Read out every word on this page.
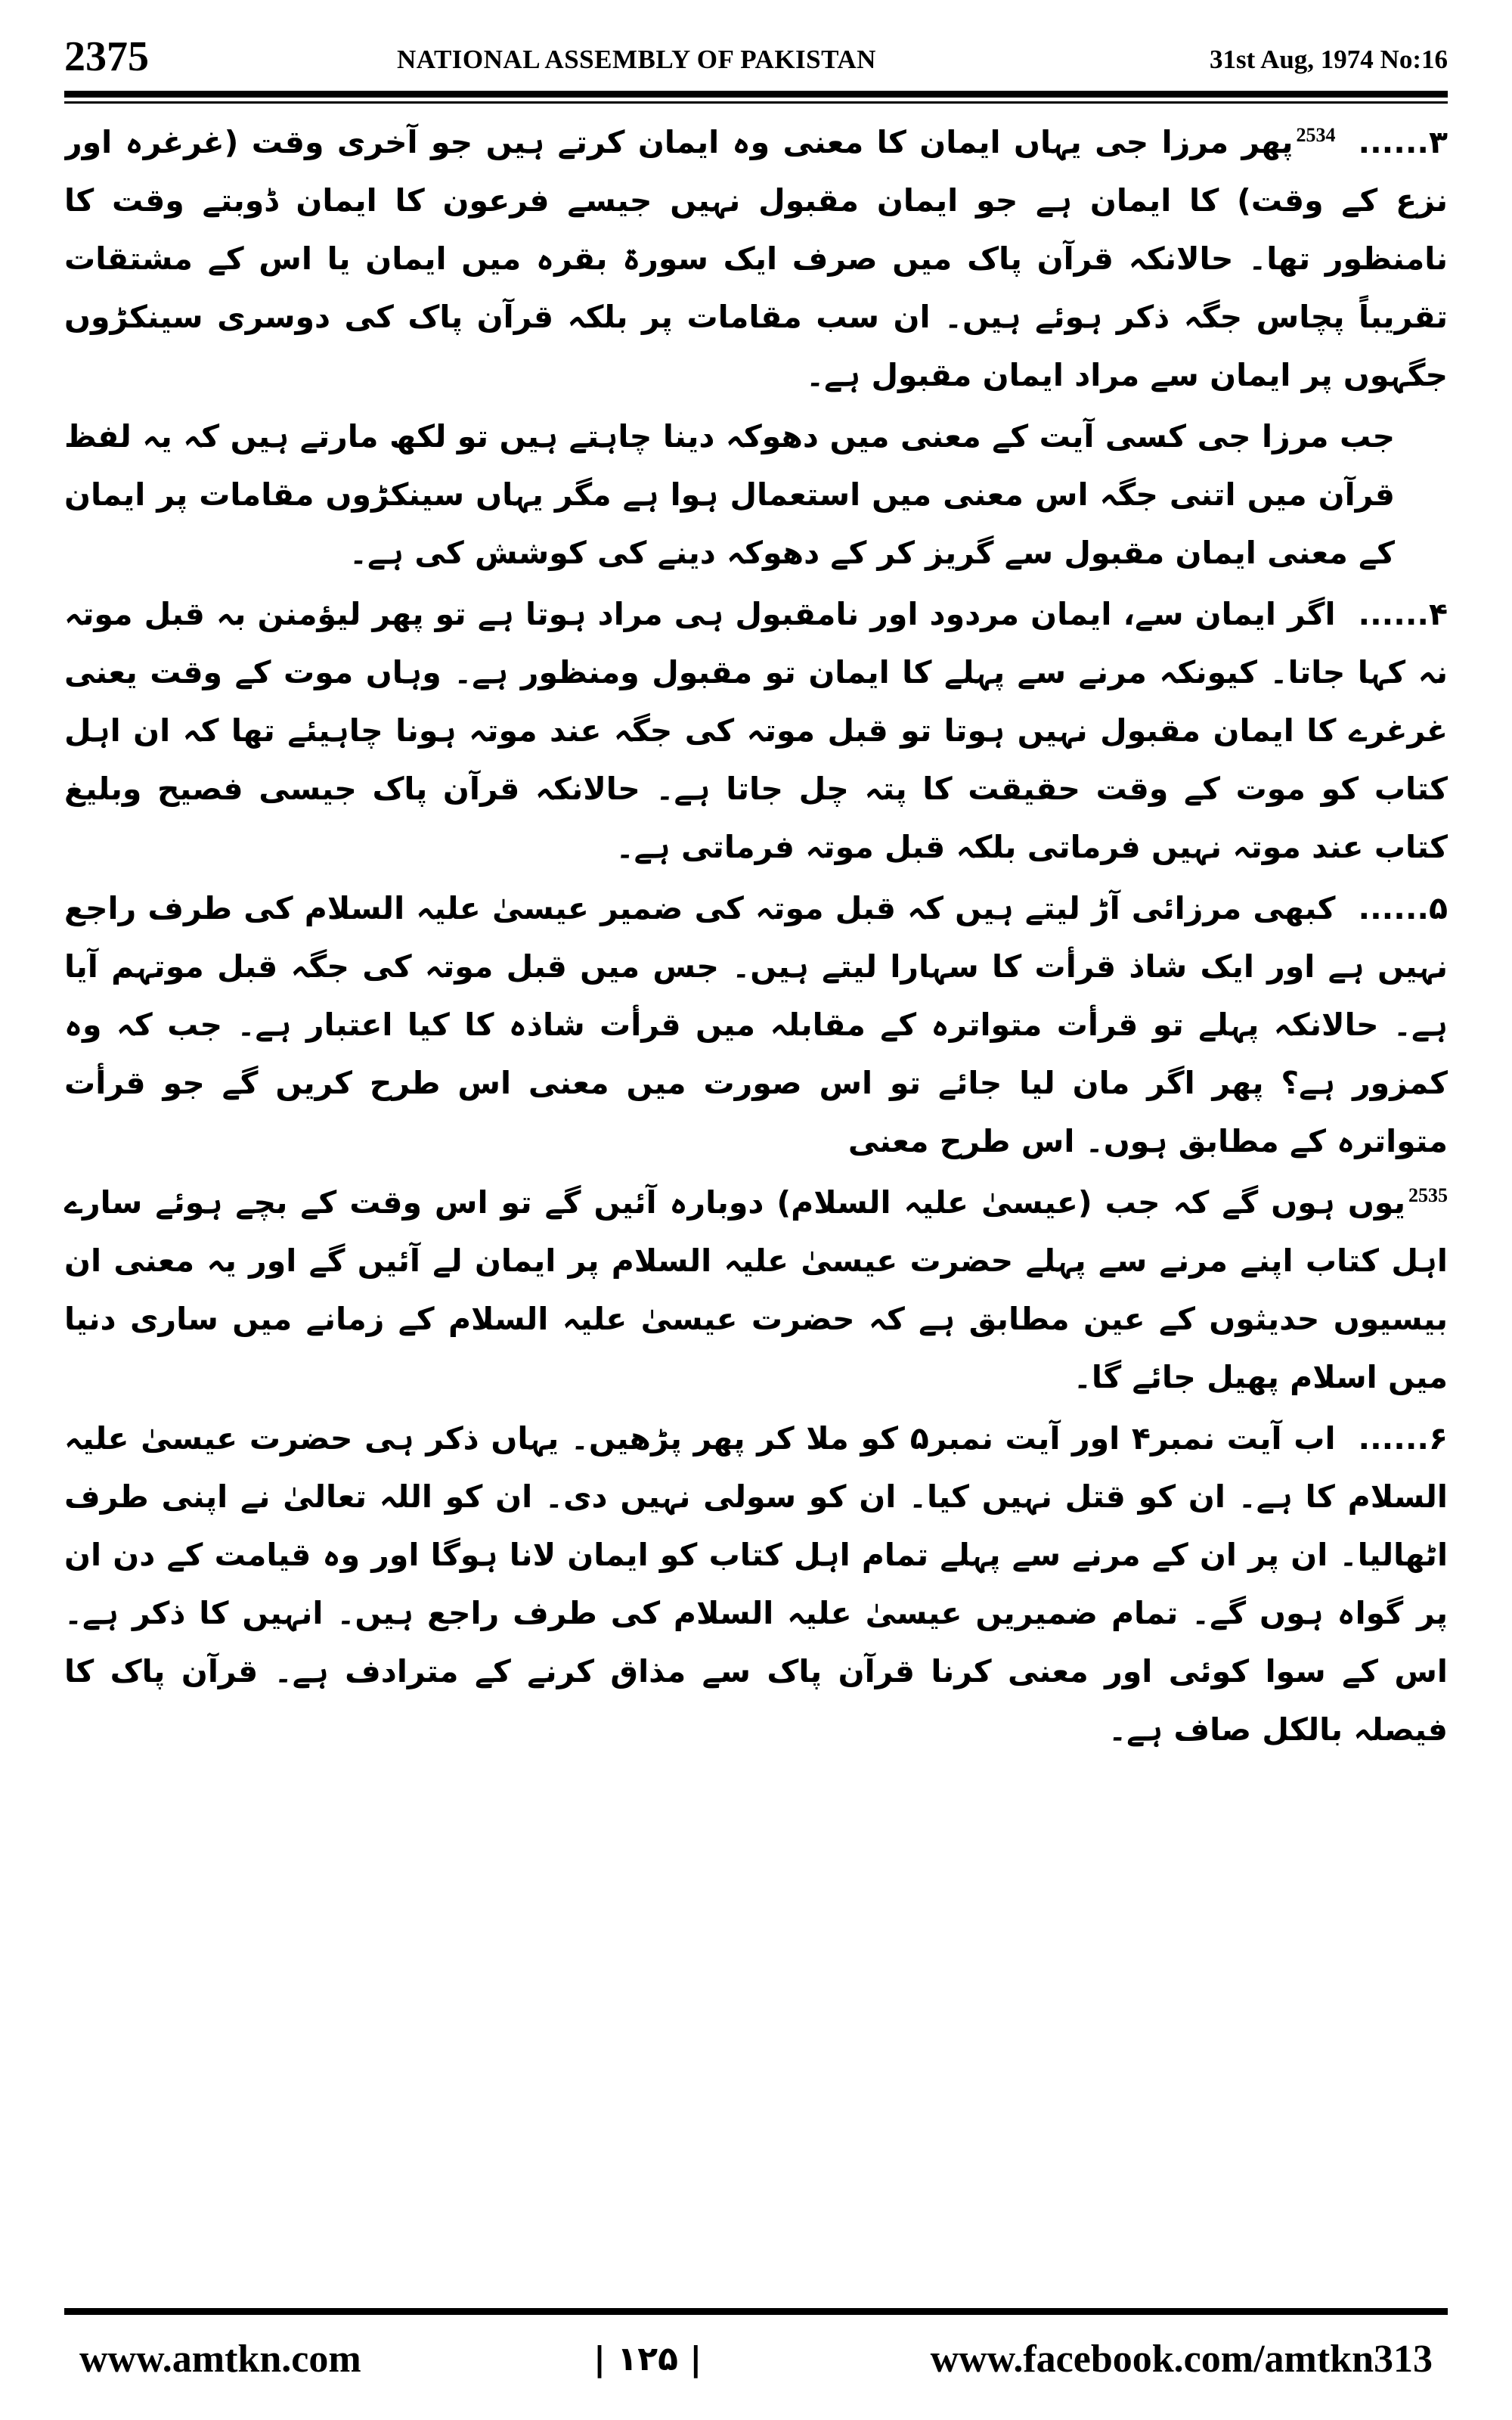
2375	NATIONAL ASSEMBLY OF PAKISTAN	31st Aug, 1974 No:16

۳......$^{2534}$پھر مرزا جی یہاں ایمان کا معنی وہ ایمان کرتے ہیں جو آخری وقت (غرغرہ اور نزع کے وقت) کا ایمان ہے جو ایمان مقبول نہیں جیسے فرعون کا ایمان ڈوبتے وقت کا نامنظور تھا۔ حالانکہ قرآن پاک میں صرف ایک سورۃ بقرہ میں ایمان یا اس کے مشتقات تقریباً پچاس جگہ ذکر ہوئے ہیں۔ ان سب مقامات پر بلکہ قرآن پاک کی دوسری سینکڑوں جگہوں پر ایمان سے مراد ایمان مقبول ہے۔

جب مرزا جی کسی آیت کے معنی میں دھوکہ دینا چاہتے ہیں تو لکھ مارتے ہیں کہ یہ لفظ قرآن میں اتنی جگہ اس معنی میں استعمال ہوا ہے مگر یہاں سینکڑوں مقامات پر ایمان کے معنی ایمان مقبول سے گریز کر کے دھوکہ دینے کی کوشش کی ہے۔

۴......اگر ایمان سے، ایمان مردود اور نامقبول ہی مراد ہوتا ہے تو پھر لیؤمنن بہ قبل موتہ نہ کہا جاتا۔ کیونکہ مرنے سے پہلے کا ایمان تو مقبول ومنظور ہے۔ وہاں موت کے وقت یعنی غرغرے کا ایمان مقبول نہیں ہوتا تو قبل موتہ کی جگہ عند موتہ ہونا چاہیئے تھا کہ ان اہل کتاب کو موت کے وقت حقیقت کا پتہ چل جاتا ہے۔ حالانکہ قرآن پاک جیسی فصیح وبلیغ کتاب عند موتہ نہیں فرماتی بلکہ قبل موتہ فرماتی ہے۔

۵......کبھی مرزائی آڑ لیتے ہیں کہ قبل موتہ کی ضمیر عیسیٰ علیہ السلام کی طرف راجع نہیں ہے اور ایک شاذ قرأت کا سہارا لیتے ہیں۔ جس میں قبل موتہ کی جگہ قبل موتہم آیا ہے۔ حالانکہ پہلے تو قرأت متواترہ کے مقابلہ میں قرأت شاذہ کا کیا اعتبار ہے۔ جب کہ وہ کمزور ہے؟ پھر اگر مان لیا جائے تو اس صورت میں معنی اس طرح کریں گے جو قرأت متواترہ کے مطابق ہوں۔ اس طرح معنی

$^{2535}$یوں ہوں گے کہ جب (عیسیٰ علیہ السلام) دوبارہ آئیں گے تو اس وقت کے بچے ہوئے سارے اہل کتاب اپنے مرنے سے پہلے حضرت عیسیٰ علیہ السلام پر ایمان لے آئیں گے اور یہ معنی ان بیسیوں حدیثوں کے عین مطابق ہے کہ حضرت عیسیٰ علیہ السلام کے زمانے میں ساری دنیا میں اسلام پھیل جائے گا۔

۶......اب آیت نمبر۴ اور آیت نمبر۵ کو ملا کر پھر پڑھیں۔ یہاں ذکر ہی حضرت عیسیٰ علیہ السلام کا ہے۔ ان کو قتل نہیں کیا۔ ان کو سولی نہیں دی۔ ان کو اللہ تعالیٰ نے اپنی طرف اٹھالیا۔ ان پر ان کے مرنے سے پہلے تمام اہل کتاب کو ایمان لانا ہوگا اور وہ قیامت کے دن ان پر گواہ ہوں گے۔ تمام ضمیریں عیسیٰ علیہ السلام کی طرف راجع ہیں۔ انہیں کا ذکر ہے۔ اس کے سوا کوئی اور معنی کرنا قرآن پاک سے مذاق کرنے کے مترادف ہے۔ قرآن پاک کا فیصلہ بالکل صاف ہے۔

www.amtkn.com	| ۱۲۵ |	www.facebook.com/amtkn313
